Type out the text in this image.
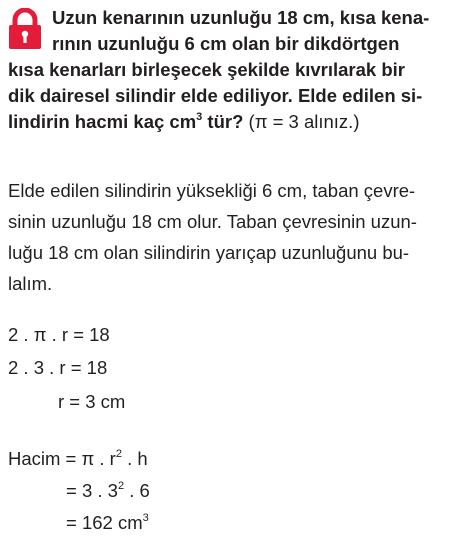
Uzun kenarının uzunluğu 18 cm, kısa kena-
rının uzunluğu 6 cm olan bir dikdörtgen
kısa kenarları birleşecek şekilde kıvrılarak bir
dik dairesel silindir elde ediliyor. Elde edilen si-
lindirin hacmi kaç $cm^3$ tür? (π = 3 alınız.)
Elde edilen silindirin yüksekliği 6 cm, taban çevre-
sinin uzunluğu 18 cm olur. Taban çevresinin uzun-
luğu 18 cm olan silindirin yarıçap uzunluğunu bu-
lalım.
2 . π . r = 18
2 . 3 . r = 18
r = 3 cm
Hacim = π . $r^2$ . h
= 3 . $3^2$ . 6
= 162 $cm^3$
